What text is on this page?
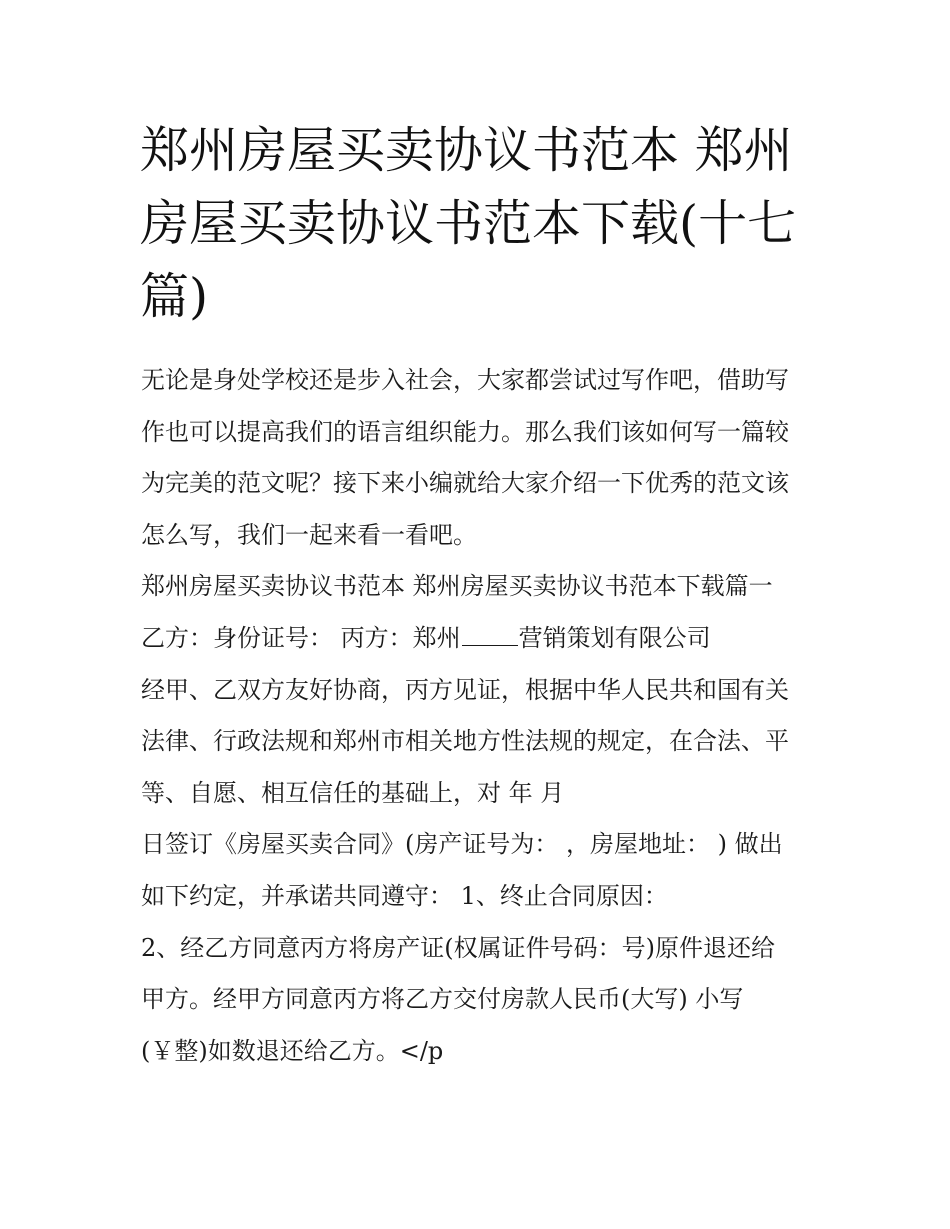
郑州房屋买卖协议书范本 郑州房屋买卖协议书范本下载(十七篇)
无论是身处学校还是步入社会，大家都尝试过写作吧，借助写
作也可以提高我们的语言组织能力。那么我们该如何写一篇较
为完美的范文呢？接下来小编就给大家介绍一下优秀的范文该
怎么写，我们一起来看一看吧。
郑州房屋买卖协议书范本 郑州房屋买卖协议书范本下载篇一
乙方：身份证号： 丙方：郑州 营销策划有限公司
经甲、乙双方友好协商，丙方见证，根据中华人民共和国有关
法律、行政法规和郑州市相关地方性法规的规定，在合法、平
等、自愿、相互信任的基础上，对 年 月
日签订《房屋买卖合同》(房产证号为： ，房屋地址： ) 做出
如下约定，并承诺共同遵守： 1、终止合同原因：
2、经乙方同意丙方将房产证(权属证件号码：号)原件退还给
甲方。经甲方同意丙方将乙方交付房款人民币(大写) 小写
(￥整)如数退还给乙方。</p
